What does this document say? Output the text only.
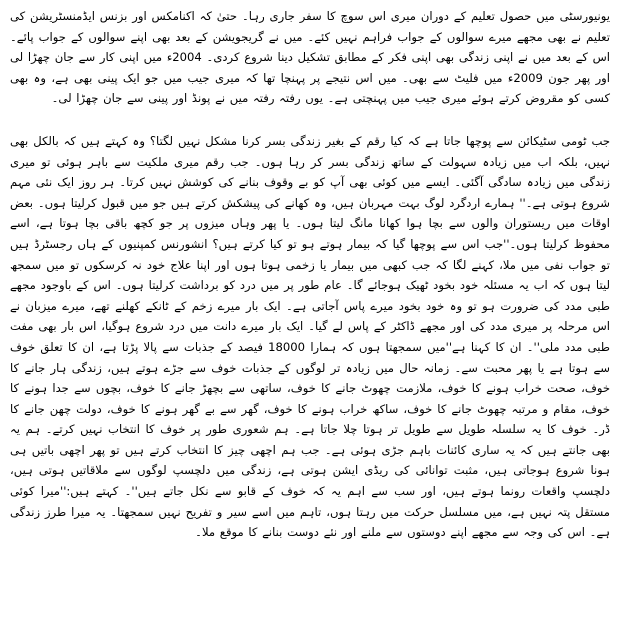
یونیورسٹی میں حصول تعلیم کے دوران میری اس سوچ کا سفر جاری رہا۔ حتیٰ کہ اکنامکس اور بزنس ایڈمنسٹریشن کی تعلیم نے بھی مجھے میرے سوالوں کے جواب فراہم نہیں کئے۔ میں نے گریجویشن کے بعد بھی اپنے سوالوں کے جواب پائے۔ اس کے بعد میں نے اپنی زندگی بھی اپنی فکر کے مطابق تشکیل دینا شروع کردی۔ 2004ء میں اپنی کار سے جان چھڑا لی اور پھر جون 2009ء میں فلیٹ سے بھی۔ میں اس نتیجے پر پہنچا تھا کہ میری جیب میں جو ایک پینی بھی ہے، وہ بھی کسی کو مقروض کرتے ہوئے میری جیب میں پہنچتی ہے۔ یوں رفتہ رفتہ میں نے پونڈ اور پینی سے جان چھڑا لی۔

جب ٹومی سٹیکائن سے پوچھا جاتا ہے کہ کیا رقم کے بغیر زندگی بسر کرنا مشکل نہیں لگتا؟ وہ کہتے ہیں کہ بالکل بھی نہیں، بلکہ اب میں زیادہ سہولت کے ساتھ زندگی بسر کر رہا ہوں۔ جب رقم میری ملکیت سے باہر ہوئی تو میری زندگی میں زیادہ سادگی آگئی۔ ایسے میں کوئی بھی آپ کو بے وقوف بنانے کی کوشش نہیں کرتا۔ ہر روز ایک نئی مہم شروع ہوتی ہے۔'' ہمارے اردگرد لوگ بہت مہربان ہیں، وہ کھانے کی پیشکش کرتے ہیں جو میں قبول کرلیتا ہوں۔ بعض اوقات میں ریستوران والوں سے بچا ہوا کھانا مانگ لیتا ہوں۔ یا پھر وہاں میزوں پر جو کچھ باقی بچا ہوتا ہے، اسے محفوظ کرلیتا ہوں۔''جب اس سے پوچھا گیا کہ بیمار ہوتے ہو تو کیا کرتے ہیں؟ انشورنس کمپنیوں کے ہاں رجسٹرڈ ہیں تو جواب نفی میں ملا، کہنے لگا کہ جب کبھی میں بیمار یا زخمی ہوتا ہوں اور اپنا علاج خود نہ کرسکوں تو میں سمجھ لیتا ہوں کہ اب یہ مسئلہ خود بخود ٹھیک ہوجائے گا۔ عام طور پر میں درد کو برداشت کرلیتا ہوں۔ اس کے باوجود مجھے طبی مدد کی ضرورت ہو تو وہ خود بخود میرے پاس آجاتی ہے۔ ایک بار میرے زخم کے ٹانکے کھلنے تھے، میرے میزبان نے اس مرحلہ پر میری مدد کی اور مجھے ڈاکٹر کے پاس لے گیا۔ ایک بار میرے دانت میں درد شروع ہوگیا، اس بار بھی مفت طبی مدد ملی''۔ ان کا کہنا ہے''میں سمجھتا ہوں کہ ہمارا 18000 فیصد کے جذبات سے پالا پڑتا ہے، ان کا تعلق خوف سے ہوتا ہے یا پھر محبت سے۔ زمانہ حال میں زیادہ تر لوگوں کے جذبات خوف سے جڑے ہوتے ہیں، زندگی ہار جانے کا خوف، صحت خراب ہونے کا خوف، ملازمت چھوٹ جانے کا خوف، ساتھی سے بچھڑ جانے کا خوف، بچوں سے جدا ہونے کا خوف، مقام و مرتبہ چھوٹ جانے کا خوف، ساکھ خراب ہونے کا خوف، گھر سے بے گھر ہونے کا خوف، دولت چھن جانے کا ڈر۔ خوف کا یہ سلسلہ طویل سے طویل تر ہوتا چلا جاتا ہے۔ ہم شعوری طور پر خوف کا انتخاب نہیں کرتے۔ ہم یہ بھی جانتے ہیں کہ یہ ساری کائنات باہم جڑی ہوئی ہے۔ جب ہم اچھی چیز کا انتخاب کرتے ہیں تو پھر اچھی باتیں ہی ہونا شروع ہوجاتی ہیں، مثبت توانائی کی ریڈی ایشن ہوتی ہے، زندگی میں دلچسپ لوگوں سے ملاقاتیں ہوتی ہیں، دلچسپ واقعات رونما ہوتے ہیں، اور سب سے اہم یہ کہ خوف کے قابو سے نکل جاتے ہیں''۔ کہتے ہیں:''میرا کوئی مستقل پتہ نہیں ہے، میں مسلسل حرکت میں رہتا ہوں، تاہم میں اسے سیر و تفریح نہیں سمجھتا۔ یہ میرا طرز زندگی ہے۔ اس کی وجہ سے مجھے اپنے دوستوں سے ملنے اور نئے دوست بنانے کا موقع ملا۔
